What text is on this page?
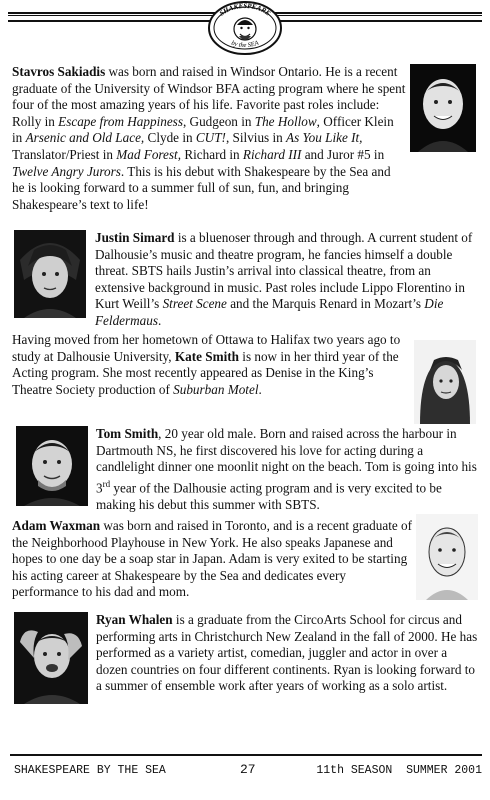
SHAKESPEARE
by the SEA
Stavros Sakiadis was born and raised in Windsor Ontario. He is a recent graduate of the University of Windsor BFA acting program where he spent four of the most amazing years of his life. Favorite past roles include: Rolly in Escape from Happiness, Gudgeon in The Hollow, Officer Klein in Arsenic and Old Lace, Clyde in CUT!, Silvius in As You Like It, Translator/Priest in Mad Forest, Richard in Richard III and Juror #5 in Twelve Angry Jurors. This is his debut with Shakespeare by the Sea and he is looking forward to a summer full of sun, fun, and bringing Shakespeare’s text to life!
Justin Simard is a bluenoser through and through. A current student of Dalhousie’s music and theatre program, he fancies himself a double threat. SBTS hails Justin’s arrival into classical theatre, from an extensive background in music. Past roles include Lippo Florentino in Kurt Weill’s Street Scene and the Marquis Renard in Mozart’s Die Feldermaus.
Having moved from her hometown of Ottawa to Halifax two years ago to study at Dalhousie University, Kate Smith is now in her third year of the Acting program. She most recently appeared as Denise in the King’s Theatre Society production of Suburban Motel.
Tom Smith, 20 year old male. Born and raised across the harbour in Dartmouth NS, he first discovered his love for acting during a candlelight dinner one moonlit night on the beach. Tom is going into his 3rd year of the Dalhousie acting program and is very excited to be making his debut this summer with SBTS.
Adam Waxman was born and raised in Toronto, and is a recent graduate of the Neighborhood Playhouse in New York. He also speaks Japanese and hopes to one day be a soap star in Japan. Adam is very exited to be starting his acting career at Shakespeare by the Sea and dedicates every performance to his dad and mom.
Ryan Whalen is a graduate from the CircoArts School for circus and performing arts in Christchurch New Zealand in the fall of 2000. He has performed as a variety artist, comedian, juggler and actor in over a dozen countries on four different continents. Ryan is looking forward to a summer of ensemble work after years of working as a solo artist.
SHAKESPEARE BY THE SEA	27	11th SEASON  SUMMER 2001
